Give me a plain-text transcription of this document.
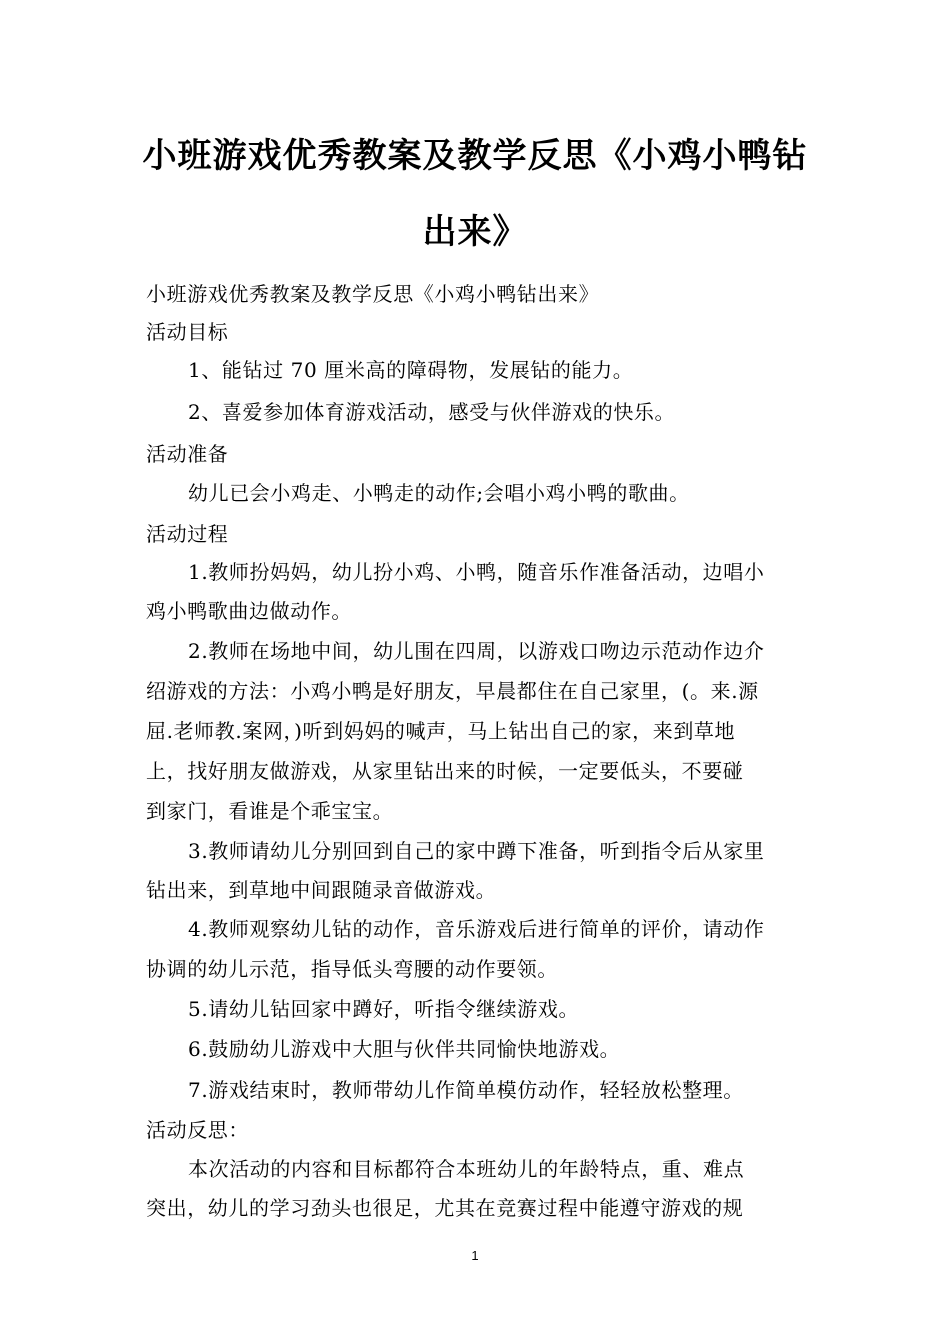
小班游戏优秀教案及教学反思《小鸡小鸭钻
出来》
小班游戏优秀教案及教学反思《小鸡小鸭钻出来》
活动目标
1、能钻过 70 厘米高的障碍物，发展钻的能力。
2、喜爱参加体育游戏活动，感受与伙伴游戏的快乐。
活动准备
幼儿已会小鸡走、小鸭走的动作;会唱小鸡小鸭的歌曲。
活动过程
1.教师扮妈妈，幼儿扮小鸡、小鸭，随音乐作准备活动，边唱小
鸡小鸭歌曲边做动作。
2.教师在场地中间，幼儿围在四周，以游戏口吻边示范动作边介
绍游戏的方法：小鸡小鸭是好朋友，早晨都住在自己家里，(。来.源
屈.老师教.案网，)听到妈妈的喊声，马上钻出自己的家，来到草地
上，找好朋友做游戏，从家里钻出来的时候，一定要低头，不要碰
到家门，看谁是个乖宝宝。
3.教师请幼儿分别回到自己的家中蹲下准备，听到指令后从家里
钻出来，到草地中间跟随录音做游戏。
4.教师观察幼儿钻的动作，音乐游戏后进行简单的评价，请动作
协调的幼儿示范，指导低头弯腰的动作要领。
5.请幼儿钻回家中蹲好，听指令继续游戏。
6.鼓励幼儿游戏中大胆与伙伴共同愉快地游戏。
7.游戏结束时，教师带幼儿作简单模仿动作，轻轻放松整理。
活动反思：
本次活动的内容和目标都符合本班幼儿的年龄特点，重、难点
突出，幼儿的学习劲头也很足，尤其在竞赛过程中能遵守游戏的规
1
